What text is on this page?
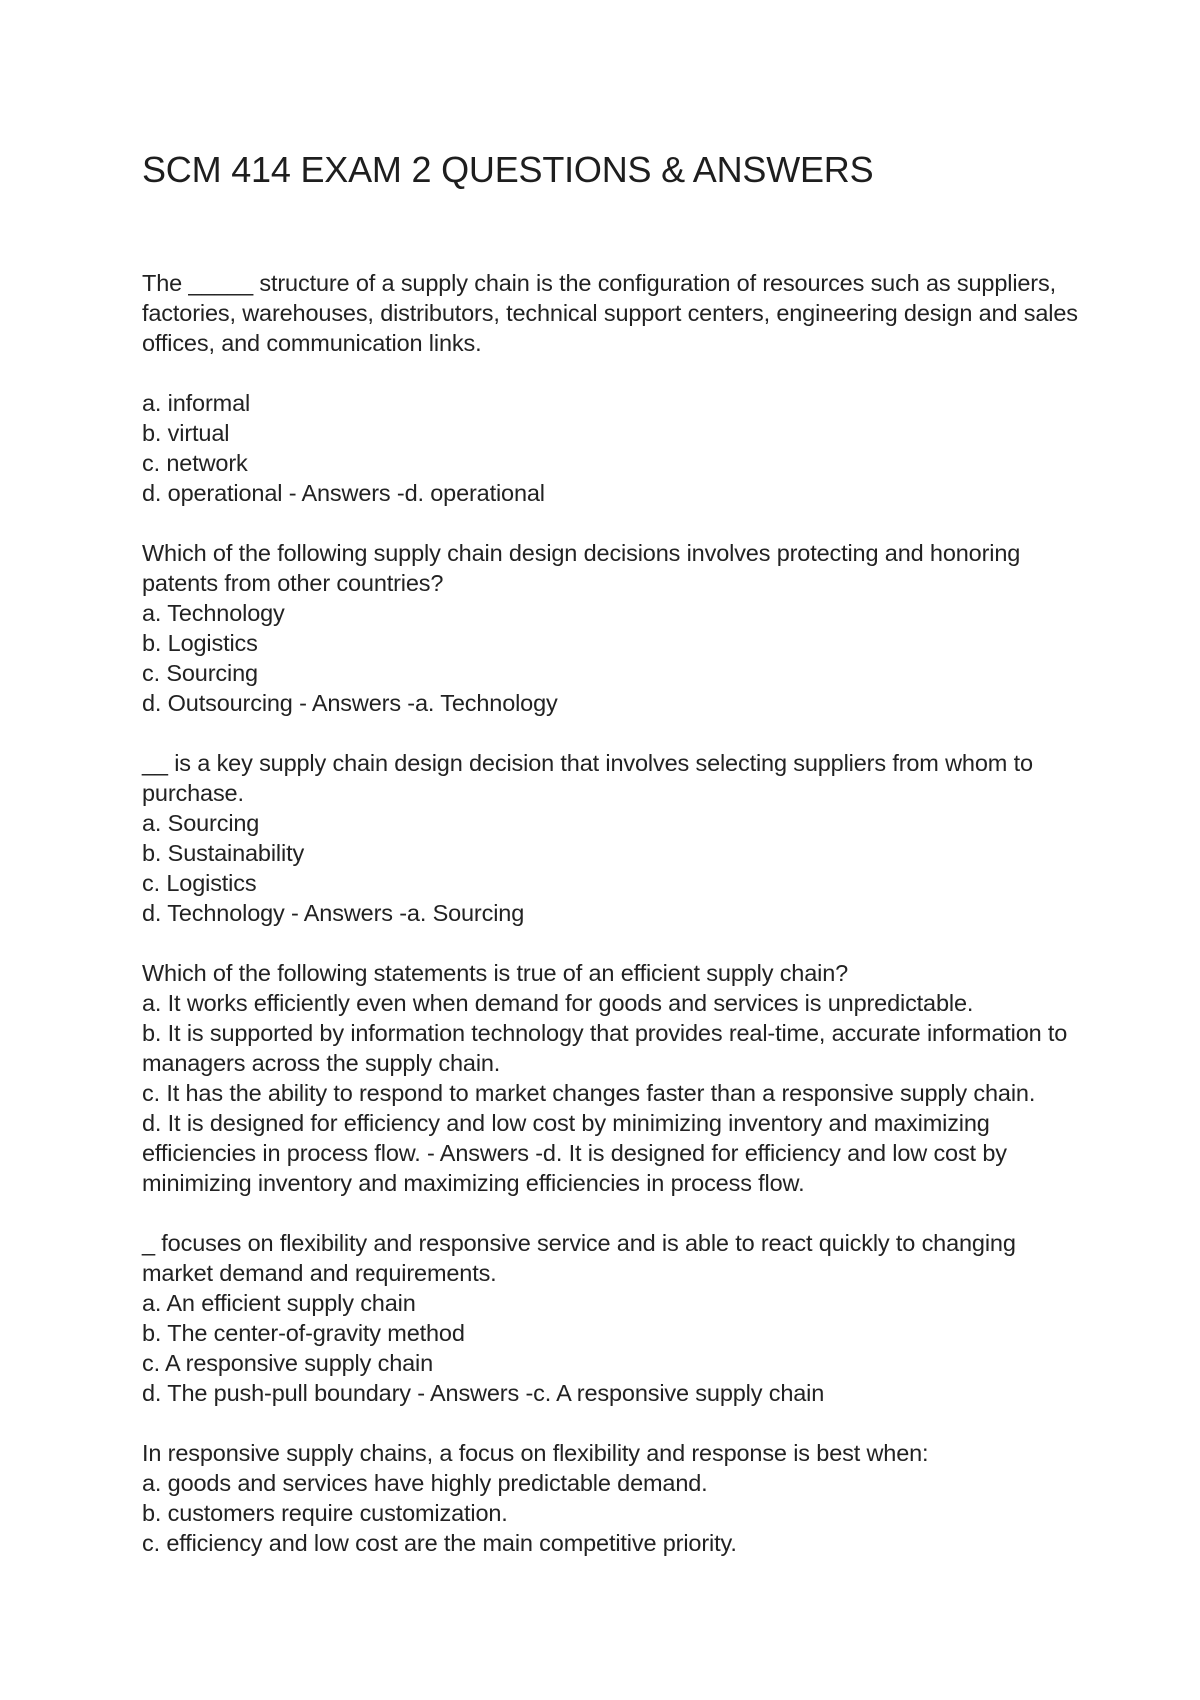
SCM 414 EXAM 2 QUESTIONS & ANSWERS

The _____ structure of a supply chain is the configuration of resources such as suppliers, factories, warehouses, distributors, technical support centers, engineering design and sales offices, and communication links.

a. informal

b. virtual

c. network

d. operational - Answers -d. operational

Which of the following supply chain design decisions involves protecting and honoring patents from other countries?

a. Technology

b. Logistics

c. Sourcing

d. Outsourcing - Answers -a. Technology

__ is a key supply chain design decision that involves selecting suppliers from whom to purchase.

a. Sourcing

b. Sustainability

c. Logistics

d. Technology - Answers -a. Sourcing

Which of the following statements is true of an efficient supply chain?

a. It works efficiently even when demand for goods and services is unpredictable.

b. It is supported by information technology that provides real-time, accurate information to managers across the supply chain.

c. It has the ability to respond to market changes faster than a responsive supply chain.

d. It is designed for efficiency and low cost by minimizing inventory and maximizing efficiencies in process flow. - Answers -d. It is designed for efficiency and low cost by minimizing inventory and maximizing efficiencies in process flow.

_ focuses on flexibility and responsive service and is able to react quickly to changing market demand and requirements.

a. An efficient supply chain

b. The center-of-gravity method

c. A responsive supply chain

d. The push-pull boundary - Answers -c. A responsive supply chain

In responsive supply chains, a focus on flexibility and response is best when:

a. goods and services have highly predictable demand.

b. customers require customization.

c. efficiency and low cost are the main competitive priority.
